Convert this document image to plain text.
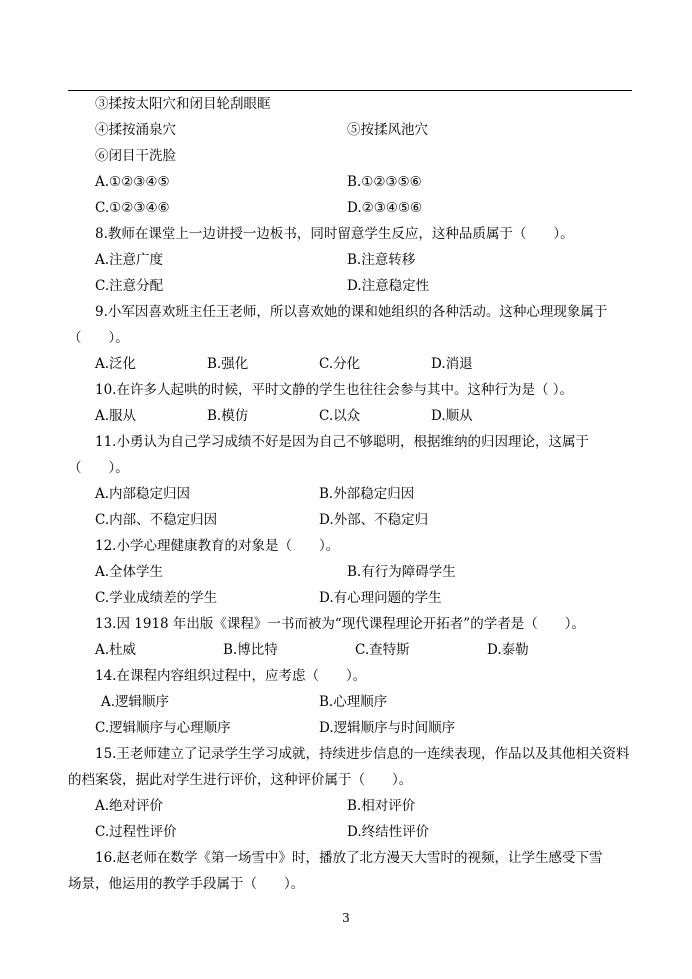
③揉按太阳穴和闭目轮刮眼眶
④揉按涌泉穴	⑤按揉风池穴
⑥闭目干洗脸
A.①②③④⑤	B.①②③⑤⑥
C.①②③④⑥	D.②③④⑤⑥
8.教师在课堂上一边讲授一边板书，同时留意学生反应，这种品质属于（　　）。
A.注意广度	B.注意转移
C.注意分配	D.注意稳定性
9.小军因喜欢班主任王老师，所以喜欢她的课和她组织的各种活动。这种心理现象属于
（　　）。
A.泛化	B.强化	C.分化	D.消退
10.在许多人起哄的时候，平时文静的学生也往往会参与其中。这种行为是（ ）。
A.服从	B.模仿	C.以众	D.顺从
11.小勇认为自己学习成绩不好是因为自己不够聪明，根据维纳的归因理论，这属于
（　　）。
A.内部稳定归因	B.外部稳定归因
C.内部、不稳定归因	D.外部、不稳定归
12.小学心理健康教育的对象是（　　）。
A.全体学生	B.有行为障碍学生
C.学业成绩差的学生	D.有心理问题的学生
13.因 1918 年出版《课程》一书而被为“现代课程理论开拓者”的学者是（　　）。
A.杜威	B.博比特	C.查特斯	D.泰勒
14.在课程内容组织过程中，应考虑（　　）。
A.逻辑顺序	B.心理顺序
C.逻辑顺序与心理顺序	D.逻辑顺序与时间顺序
15.王老师建立了记录学生学习成就，持续进步信息的一连续表现，作品以及其他相关资料
的档案袋，据此对学生进行评价，这种评价属于（　　）。
A.绝对评价	B.相对评价
C.过程性评价	D.终结性评价
16.赵老师在数学《第一场雪中》时，播放了北方漫天大雪时的视频，让学生感受下雪
场景，他运用的教学手段属于（　　）。
3
